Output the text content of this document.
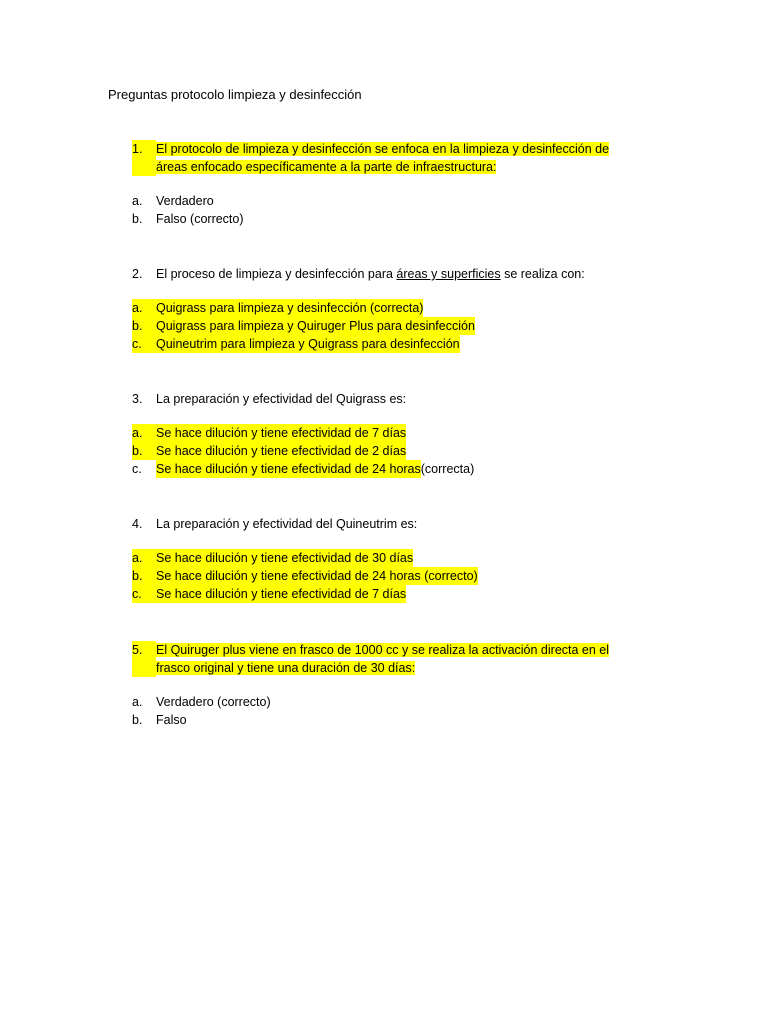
Preguntas protocolo limpieza y desinfección
1.	El protocolo de limpieza y desinfección se enfoca en la limpieza y desinfección de áreas enfocado específicamente a la parte de infraestructura:
a.	Verdadero
b.	Falso (correcto)
2.	El proceso de limpieza y desinfección para áreas y superficies se realiza con:
a.	Quigrass para limpieza y desinfección (correcta)
b.	Quigrass para limpieza y Quiruger Plus para desinfección
c.	Quineutrim para limpieza y Quigrass para desinfección
3.	La preparación y efectividad del Quigrass es:
a.	Se hace dilución y tiene efectividad de 7 días
b.	Se hace dilución y tiene efectividad de 2 días
c.	Se hace dilución y tiene efectividad de 24 horas (correcta)
4.	La preparación y efectividad del Quineutrim es:
a.	Se hace dilución y tiene efectividad de 30 días
b.	Se hace dilución y tiene efectividad de 24 horas (correcto)
c.	Se hace dilución y tiene efectividad de 7 días
5.	El Quiruger plus viene en frasco de 1000 cc y se realiza la activación directa en el frasco original y tiene una duración de 30 días:
a.	Verdadero (correcto)
b.	Falso
